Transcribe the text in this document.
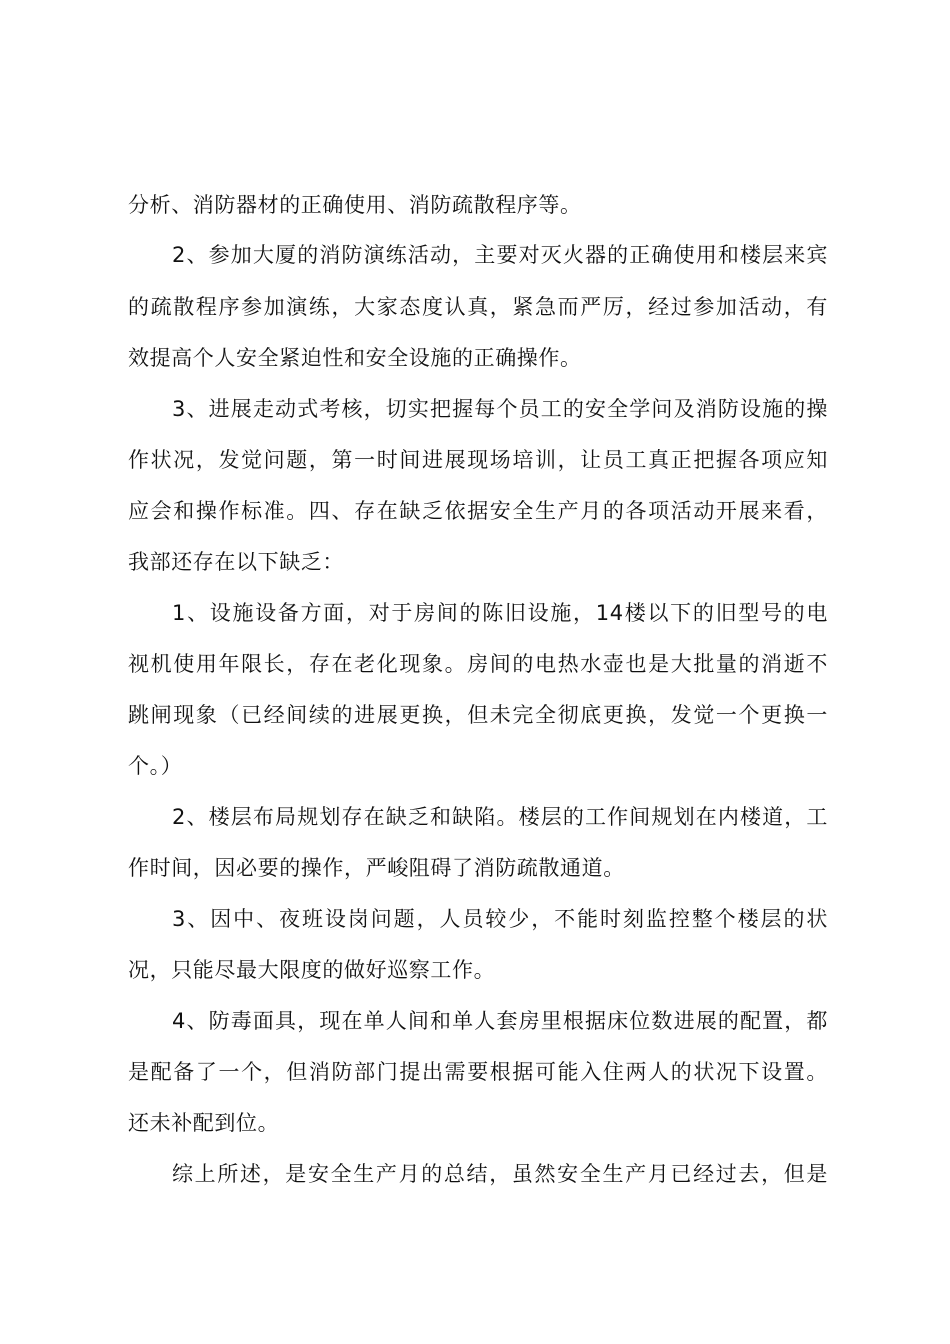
分析、消防器材的正确使用、消防疏散程序等。
2、参加大厦的消防演练活动，主要对灭火器的正确使用和楼层来宾
的疏散程序参加演练，大家态度认真，紧急而严厉，经过参加活动，有
效提高个人安全紧迫性和安全设施的正确操作。
3、进展走动式考核，切实把握每个员工的安全学问及消防设施的操
作状况，发觉问题，第一时间进展现场培训，让员工真正把握各项应知
应会和操作标准。四、存在缺乏依据安全生产月的各项活动开展来看，
我部还存在以下缺乏：
1、设施设备方面，对于房间的陈旧设施，14楼以下的旧型号的电
视机使用年限长，存在老化现象。房间的电热水壶也是大批量的消逝不
跳闸现象（已经间续的进展更换，但未完全彻底更换，发觉一个更换一
个。）
2、楼层布局规划存在缺乏和缺陷。楼层的工作间规划在内楼道，工
作时间，因必要的操作，严峻阻碍了消防疏散通道。
3、因中、夜班设岗问题，人员较少，不能时刻监控整个楼层的状
况，只能尽最大限度的做好巡察工作。
4、防毒面具，现在单人间和单人套房里根据床位数进展的配置，都
是配备了一个，但消防部门提出需要根据可能入住两人的状况下设置。
还未补配到位。
综上所述，是安全生产月的总结，虽然安全生产月已经过去，但是
